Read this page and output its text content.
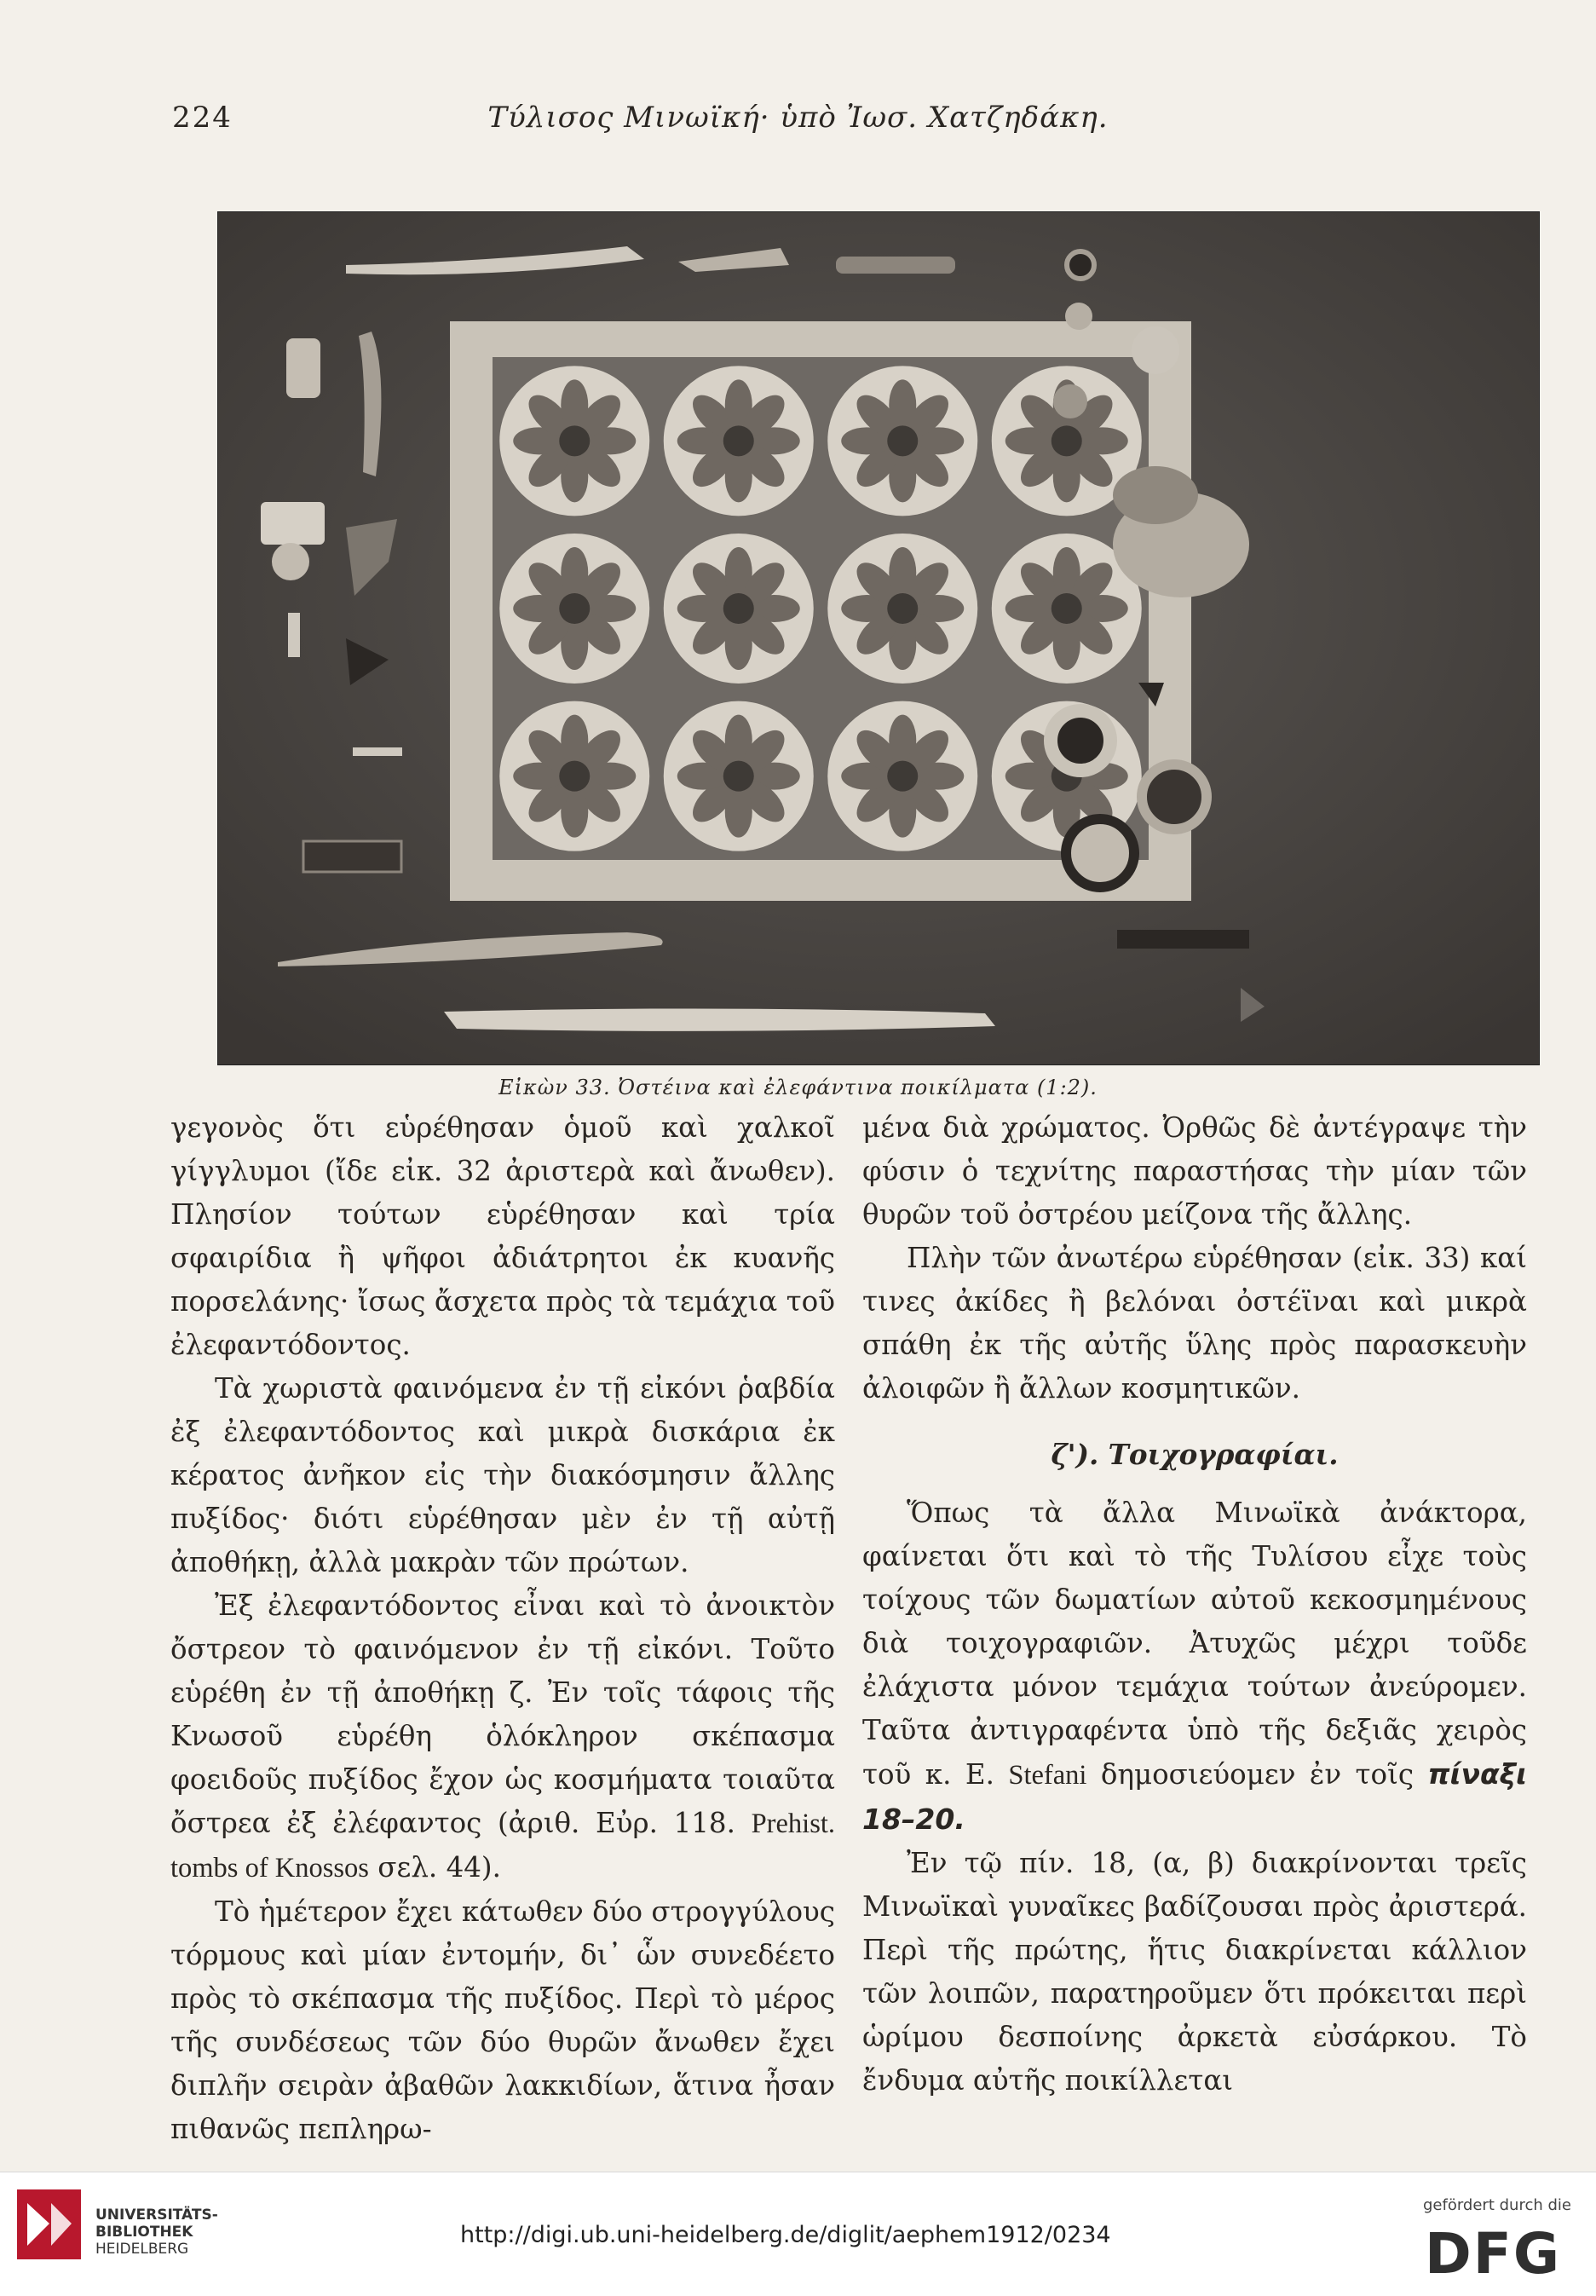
Τύλισος Μινωϊκή· ὑπὸ Ἰωσ. Χατζηδάκη.
224
Εἰκὼν 33. Ὀστέινα καὶ ἐλεφάντινα ποικίλματα (1:2).

γεγονὸς ὅτι εὑρέθησαν ὁμοῦ καὶ χαλκοῖ γίγγλυμοι (ἴδε εἰκ. 32 ἀριστερὰ καὶ ἄνωθεν). Πλησίον τούτων εὑρέθησαν καὶ τρία σφαιρίδια ἢ ψῆφοι ἀδιάτρητοι ἐκ κυανῆς πορσελάνης· ἴσως ἄσχετα πρὸς τὰ τεμάχια τοῦ ἐλεφαντόδοντος.

Τὰ χωριστὰ φαινόμενα ἐν τῇ εἰκόνι ῥαβδία ἐξ ἐλεφαντόδοντος καὶ μικρὰ δισκάρια ἐκ κέρατος ἀνῆκον εἰς τὴν διακόσμησιν ἄλλης πυξίδος· διότι εὑρέθησαν μὲν ἐν τῇ αὐτῇ ἀποθήκῃ, ἀλλὰ μακρὰν τῶν πρώτων.

Ἐξ ἐλεφαντόδοντος εἶναι καὶ τὸ ἀνοικτὸν ὄστρεον τὸ φαινόμενον ἐν τῇ εἰκόνι. Τοῦτο εὑρέθη ἐν τῇ ἀποθήκῃ ζ. Ἐν τοῖς τάφοις τῆς Κνωσοῦ εὑρέθη ὁλόκληρον σκέπασμα φοειδοῦς πυξίδος ἔχον ὡς κοσμήματα τοιαῦτα ὄστρεα ἐξ ἐλέφαντος (ἀριθ. Εὐρ. 118. Prehist. tombs of Knossos σελ. 44).

Τὸ ἡμέτερον ἔχει κάτωθεν δύο στρογγύλους τόρμους καὶ μίαν ἐντομήν, δι᾽ ὧν συνεδέετο πρὸς τὸ σκέπασμα τῆς πυξίδος. Περὶ τὸ μέρος τῆς συνδέσεως τῶν δύο θυρῶν ἄνωθεν ἔχει διπλῆν σειρὰν ἀβαθῶν λακκιδίων, ἅτινα ἦσαν πιθανῶς πεπληρω-

μένα διὰ χρώματος. Ὀρθῶς δὲ ἀντέγραψε τὴν φύσιν ὁ τεχνίτης παραστήσας τὴν μίαν τῶν θυρῶν τοῦ ὀστρέου μείζονα τῆς ἄλλης.

Πλὴν τῶν ἀνωτέρω εὑρέθησαν (εἰκ. 33) καί τινες ἀκίδες ἢ βελόναι ὀστέϊναι καὶ μικρὰ σπάθη ἐκ τῆς αὐτῆς ὕλης πρὸς παρασκευὴν ἀλοιφῶν ἢ ἄλλων κοσμητικῶν.

ζ'). Τοιχογραφίαι.

Ὅπως τὰ ἄλλα Μινωϊκὰ ἀνάκτορα, φαίνεται ὅτι καὶ τὸ τῆς Τυλίσου εἶχε τοὺς τοίχους τῶν δωματίων αὐτοῦ κεκοσμημένους διὰ τοιχογραφιῶν. Ἀτυχῶς μέχρι τοῦδε ἐλάχιστα μόνον τεμάχια τούτων ἀνεύρομεν. Ταῦτα ἀντιγραφέντα ὑπὸ τῆς δεξιᾶς χειρὸς τοῦ κ. Ε. Stefani δημοσιεύομεν ἐν τοῖς πίναξι 18–20.

Ἐν τῷ πίν. 18, (α, β) διακρίνονται τρεῖς Μινωϊκαὶ γυναῖκες βαδίζουσαι πρὸς ἀριστερά. Περὶ τῆς πρώτης, ἥτις διακρίνεται κάλλιον τῶν λοιπῶν, παρατηροῦμεν ὅτι πρόκειται περὶ ὡρίμου δεσποίνης ἀρκετὰ εὐσάρκου. Τὸ ἔνδυμα αὐτῆς ποικίλλεται

UNIVERSITÄTS-
BIBLIOTHEK
HEIDELBERG
http://digi.ub.uni-heidelberg.de/diglit/aephem1912/0234
gefördert durch die
DFG
